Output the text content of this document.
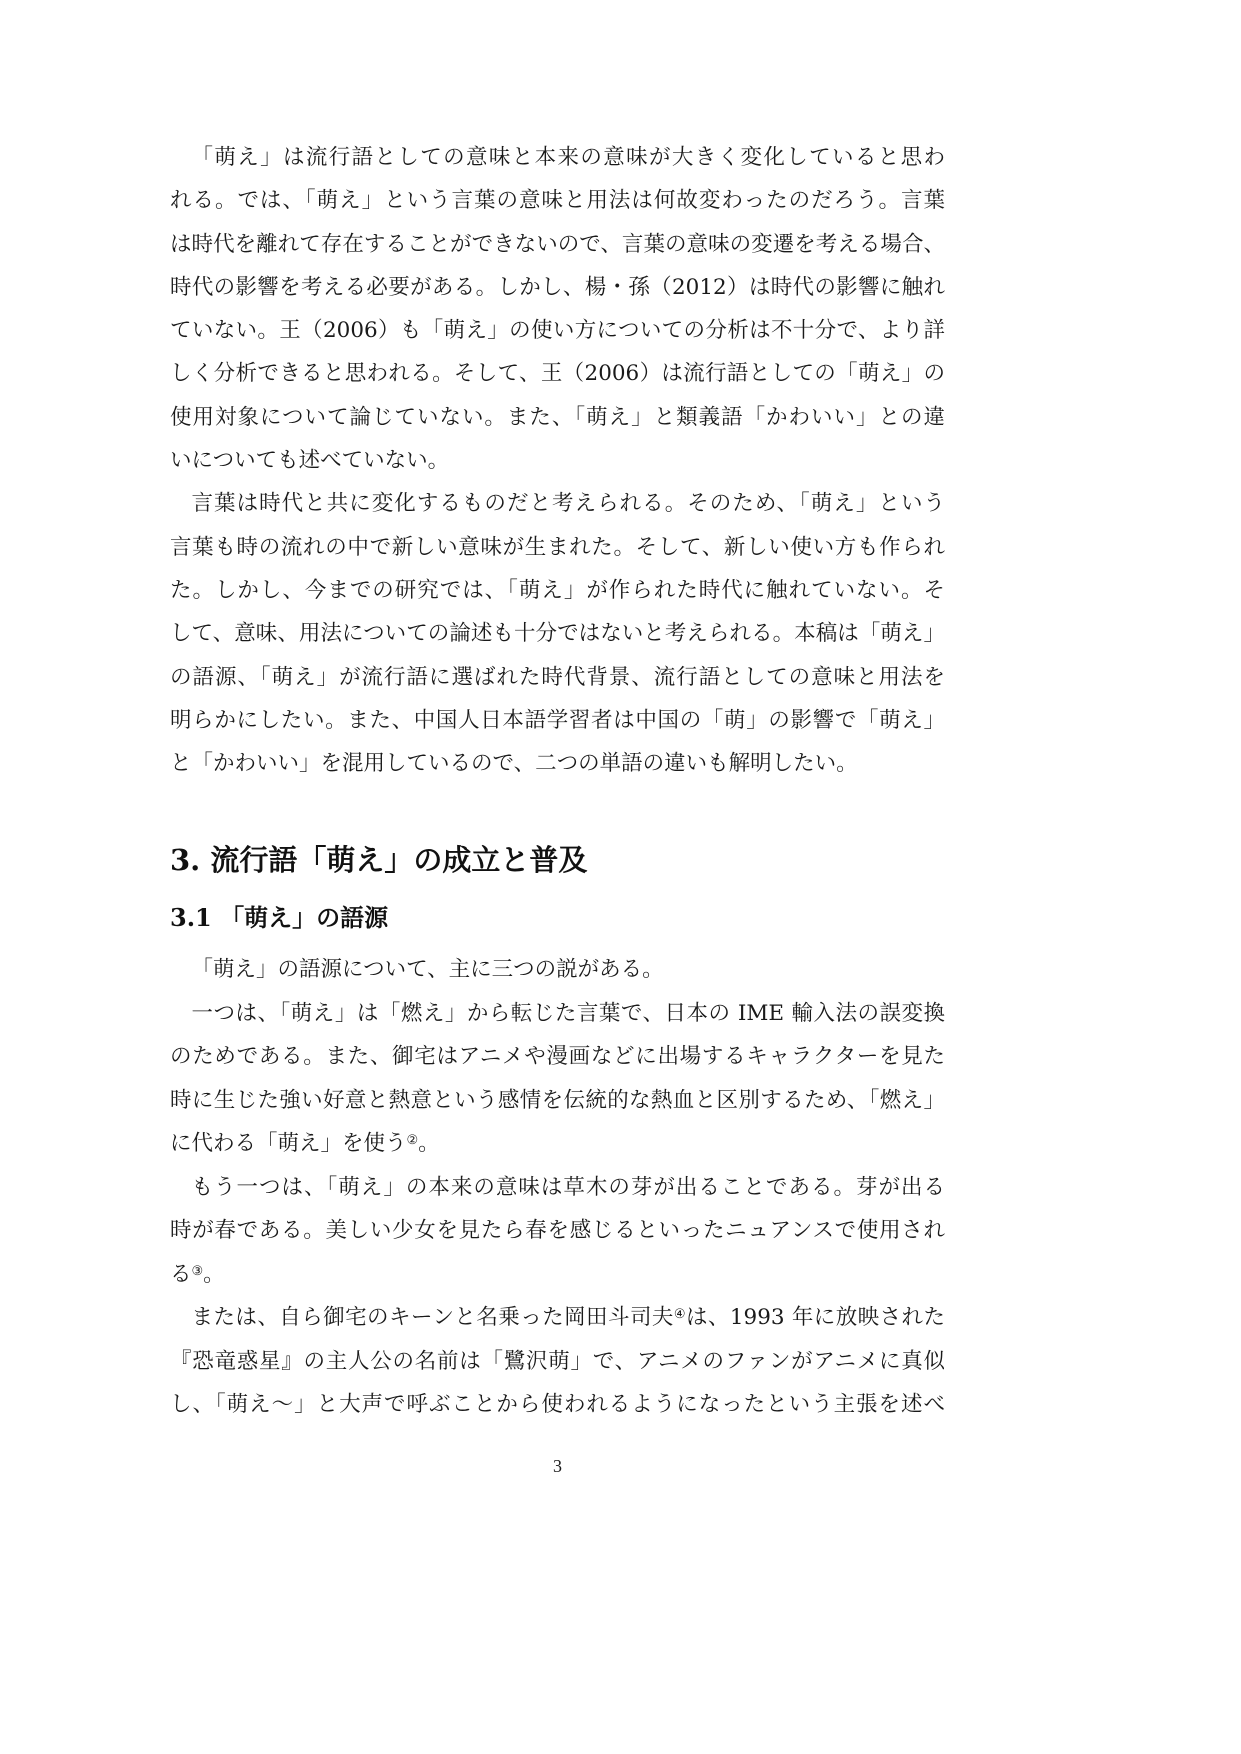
「萌え」は流行語としての意味と本来の意味が大きく変化していると思わ
れる。では、「萌え」という言葉の意味と用法は何故変わったのだろう。言葉
は時代を離れて存在することができないので、言葉の意味の変遷を考える場合、
時代の影響を考える必要がある。しかし、楊・孫（2012）は時代の影響に触れ
ていない。王（2006）も「萌え」の使い方についての分析は不十分で、より詳
しく分析できると思われる。そして、王（2006）は流行語としての「萌え」の
使用対象について論じていない。また、「萌え」と類義語「かわいい」との違
いについても述べていない。
言葉は時代と共に変化するものだと考えられる。そのため、「萌え」という
言葉も時の流れの中で新しい意味が生まれた。そして、新しい使い方も作られ
た。しかし、今までの研究では、「萌え」が作られた時代に触れていない。そ
して、意味、用法についての論述も十分ではないと考えられる。本稿は「萌え」
の語源、「萌え」が流行語に選ばれた時代背景、流行語としての意味と用法を
明らかにしたい。また、中国人日本語学習者は中国の「萌」の影響で「萌え」
と「かわいい」を混用しているので、二つの単語の違いも解明したい。
3. 流行語「萌え」の成立と普及
3.1 「萌え」の語源
「萌え」の語源について、主に三つの説がある。
一つは、「萌え」は「燃え」から転じた言葉で、日本の IME 輸入法の誤変換
のためである。また、御宅はアニメや漫画などに出場するキャラクターを見た
時に生じた強い好意と熱意という感情を伝統的な熱血と区別するため、「燃え」
に代わる「萌え」を使う②。
もう一つは、「萌え」の本来の意味は草木の芽が出ることである。芽が出る
時が春である。美しい少女を見たら春を感じるといったニュアンスで使用され
る③。
または、自ら御宅のキーンと名乗った岡田斗司夫④は、1993 年に放映された
『恐竜惑星』の主人公の名前は「鷺沢萌」で、アニメのファンがアニメに真似
し、「萌え～」と大声で呼ぶことから使われるようになったという主張を述べ
3
